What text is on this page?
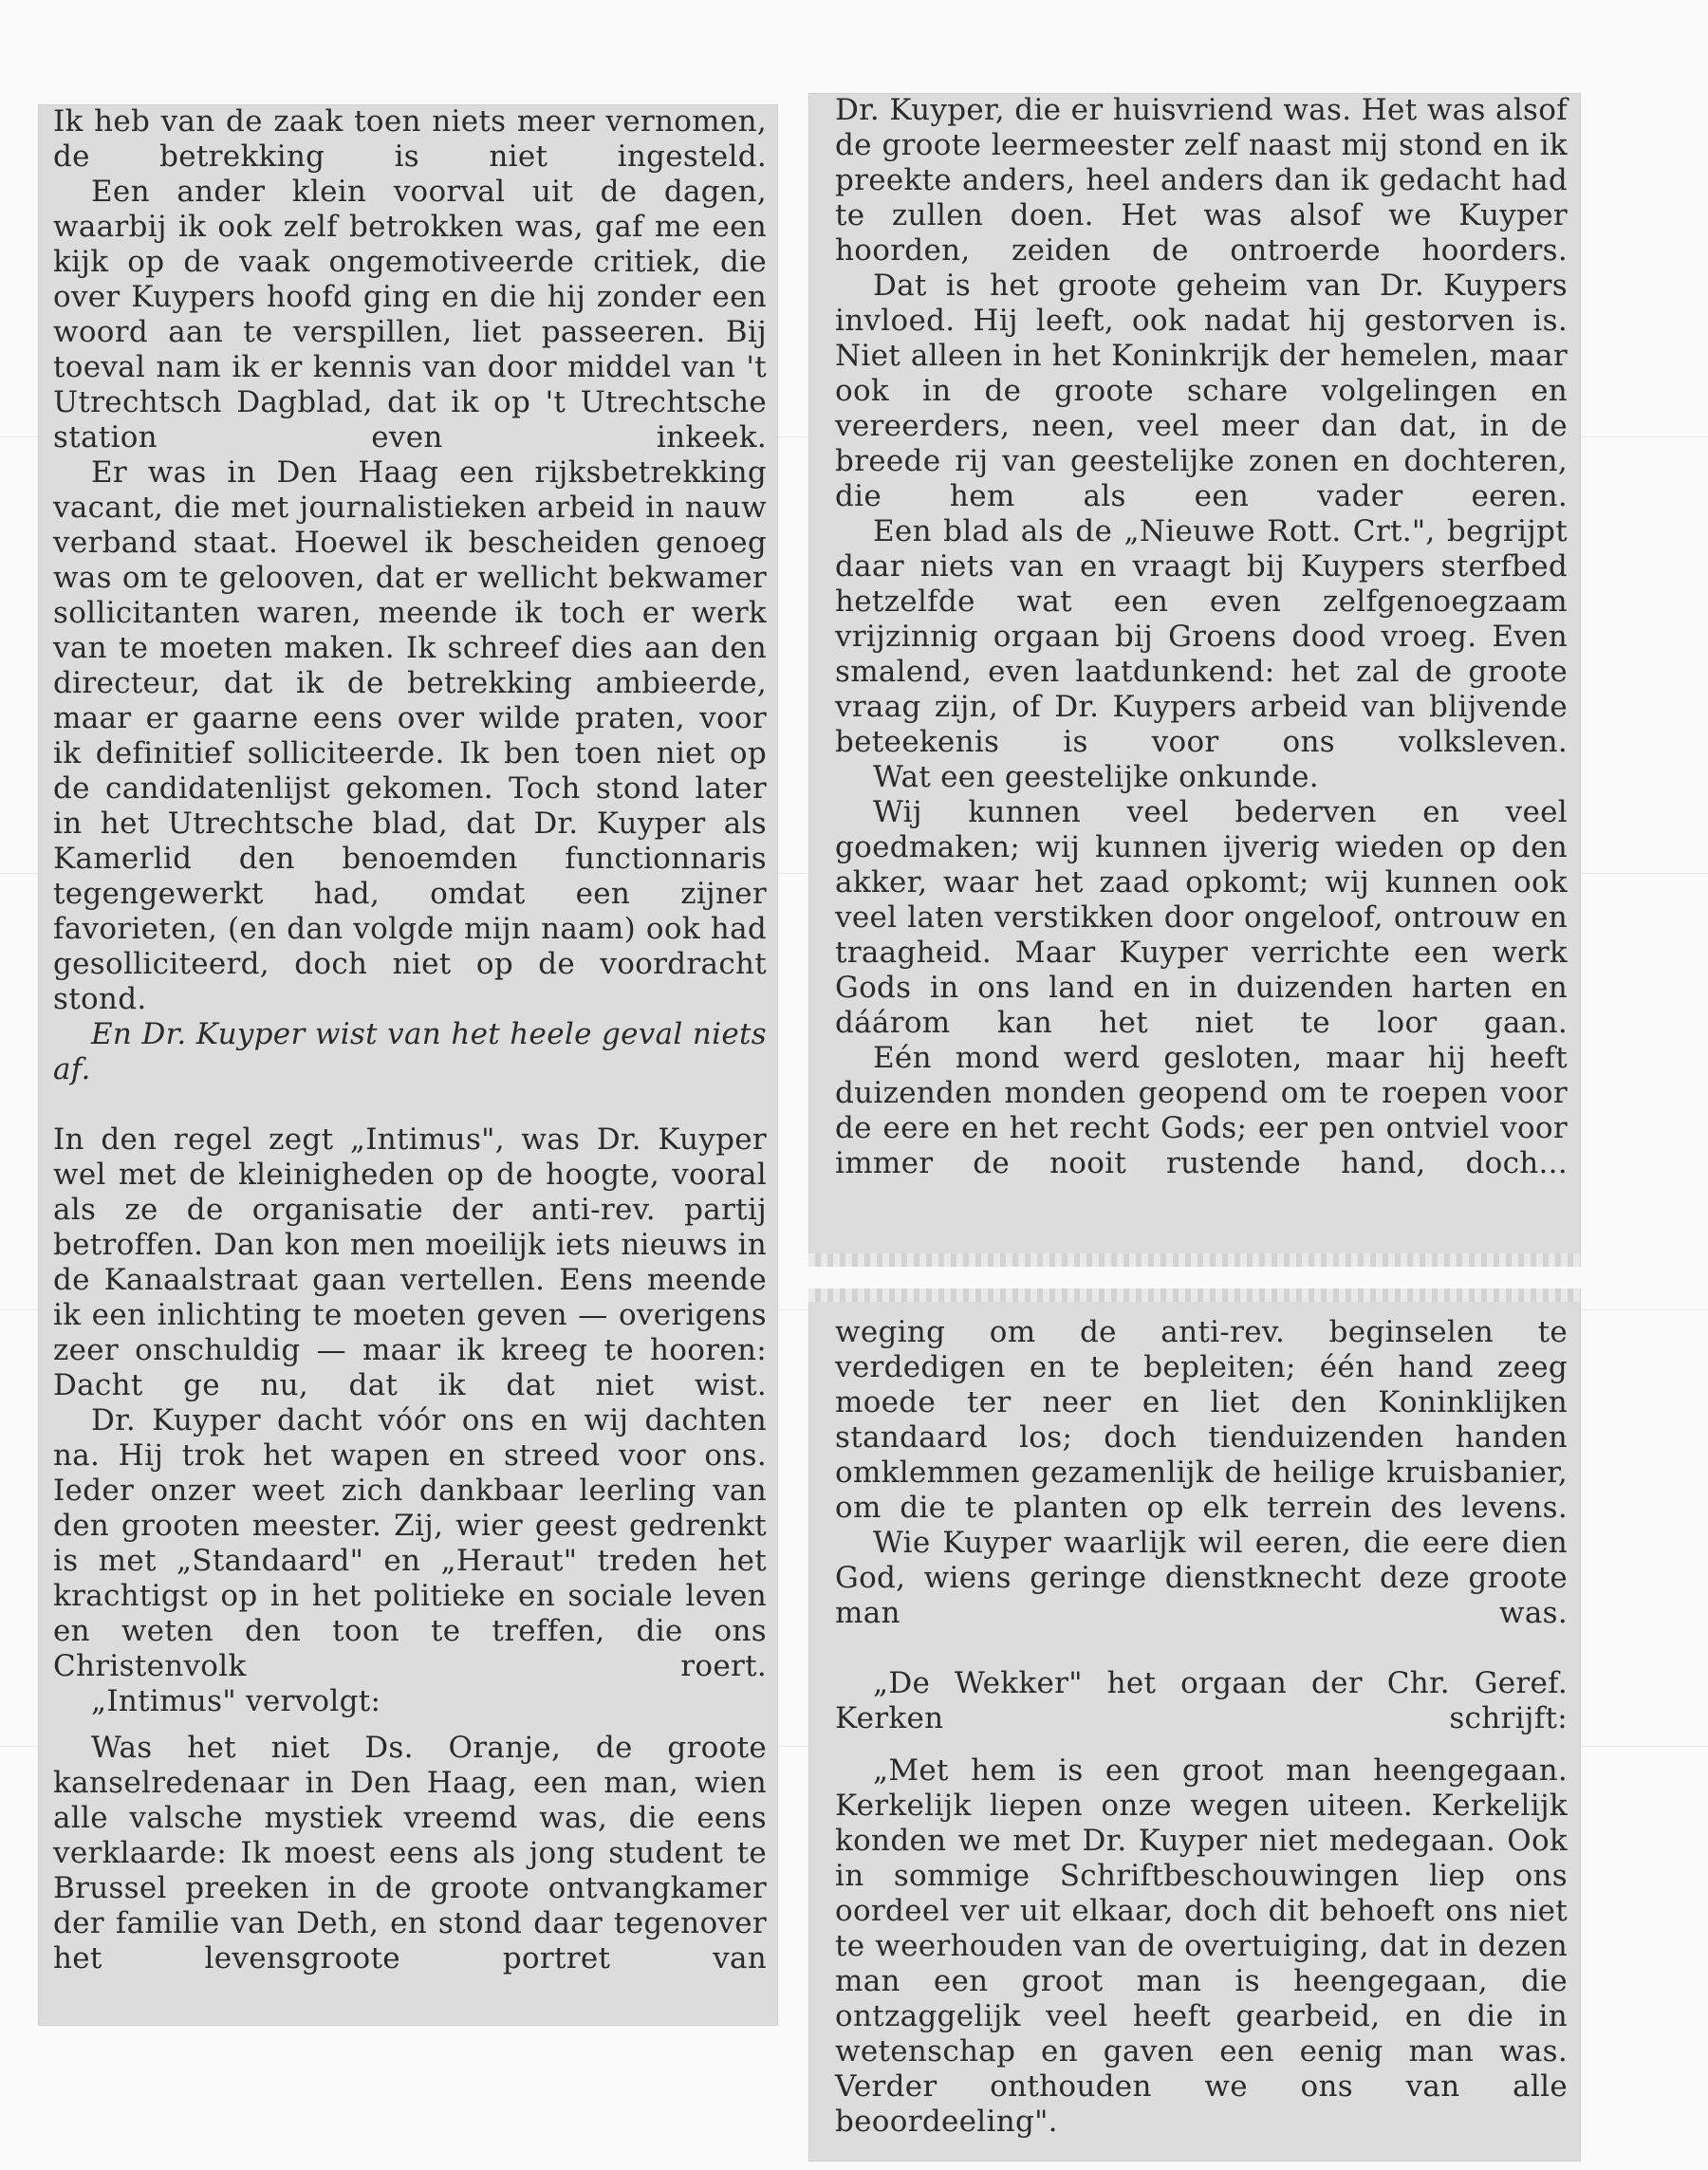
Ik heb van de zaak toen niets meer vernomen, de betrekking is niet ingesteld.

Een ander klein voorval uit de dagen, waarbij ik ook zelf betrokken was, gaf me een kijk op de vaak ongemotiveerde critiek, die over Kuypers hoofd ging en die hij zonder een woord aan te verspillen, liet passeeren. Bij toeval nam ik er kennis van door middel van 't Utrechtsch Dagblad, dat ik op 't Utrechtsche station even inkeek.

Er was in Den Haag een rijksbetrekking vacant, die met journalistieken arbeid in nauw verband staat. Hoewel ik bescheiden genoeg was om te gelooven, dat er wellicht bekwamer sollicitanten waren, meende ik toch er werk van te moeten maken. Ik schreef dies aan den directeur, dat ik de betrekking ambieerde, maar er gaarne eens over wilde praten, voor ik definitief solliciteerde. Ik ben toen niet op de candidatenlijst gekomen. Toch stond later in het Utrechtsche blad, dat Dr. Kuyper als Kamerlid den benoemden functionnaris tegengewerkt had, omdat een zijner favorieten, (en dan volgde mijn naam) ook had gesolliciteerd, doch niet op de voordracht stond.

En Dr. Kuyper wist van het heele geval niets af.

In den regel zegt „Intimus", was Dr. Kuyper wel met de kleinigheden op de hoogte, vooral als ze de organisatie der anti-rev. partij betroffen. Dan kon men moeilijk iets nieuws in de Kanaalstraat gaan vertellen. Eens meende ik een inlichting te moeten geven — overigens zeer onschuldig — maar ik kreeg te hooren: Dacht ge nu, dat ik dat niet wist.

Dr. Kuyper dacht vóór ons en wij dachten na. Hij trok het wapen en streed voor ons. Ieder onzer weet zich dankbaar leerling van den grooten meester. Zij, wier geest gedrenkt is met „Standaard" en „Heraut" treden het krachtigst op in het politieke en sociale leven en weten den toon te treffen, die ons Christenvolk roert.

„Intimus" vervolgt:

Was het niet Ds. Oranje, de groote kanselredenaar in Den Haag, een man, wien alle valsche mystiek vreemd was, die eens verklaarde: Ik moest eens als jong student te Brussel preeken in de groote ontvangkamer der familie van Deth, en stond daar tegenover het levensgroote portret van

Dr. Kuyper, die er huisvriend was. Het was alsof de groote leermeester zelf naast mij stond en ik preekte anders, heel anders dan ik gedacht had te zullen doen. Het was alsof we Kuyper hoorden, zeiden de ontroerde hoorders.

Dat is het groote geheim van Dr. Kuypers invloed. Hij leeft, ook nadat hij gestorven is. Niet alleen in het Koninkrijk der hemelen, maar ook in de groote schare volgelingen en vereerders, neen, veel meer dan dat, in de breede rij van geestelijke zonen en dochteren, die hem als een vader eeren.

Een blad als de „Nieuwe Rott. Crt.", begrijpt daar niets van en vraagt bij Kuypers sterfbed hetzelfde wat een even zelfgenoegzaam vrijzinnig orgaan bij Groens dood vroeg. Even smalend, even laatdunkend: het zal de groote vraag zijn, of Dr. Kuypers arbeid van blijvende beteekenis is voor ons volksleven.

Wat een geestelijke onkunde.

Wij kunnen veel bederven en veel goedmaken; wij kunnen ijverig wieden op den akker, waar het zaad opkomt; wij kunnen ook veel laten verstikken door ongeloof, ontrouw en traagheid. Maar Kuyper verrichte een werk Gods in ons land en in duizenden harten en dáárom kan het niet te loor gaan.

Eén mond werd gesloten, maar hij heeft duizenden monden geopend om te roepen voor de eere en het recht Gods; eer pen ontviel voor immer de nooit rustende hand, doch...

weging om de anti-rev. beginselen te verdedigen en te bepleiten; één hand zeeg moede ter neer en liet den Koninklijken standaard los; doch tienduizenden handen omklemmen gezamenlijk de heilige kruisbanier, om die te planten op elk terrein des levens.

Wie Kuyper waarlijk wil eeren, die eere dien God, wiens geringe dienstknecht deze groote man was.

„De Wekker" het orgaan der Chr. Geref. Kerken schrijft:

„Met hem is een groot man heengegaan. Kerkelijk liepen onze wegen uiteen. Kerkelijk konden we met Dr. Kuyper niet medegaan. Ook in sommige Schriftbeschouwingen liep ons oordeel ver uit elkaar, doch dit behoeft ons niet te weerhouden van de overtuiging, dat in dezen man een groot man is heengegaan, die ontzaggelijk veel heeft gearbeid, en die in wetenschap en gaven een eenig man was. Verder onthouden we ons van alle beoordeeling".
